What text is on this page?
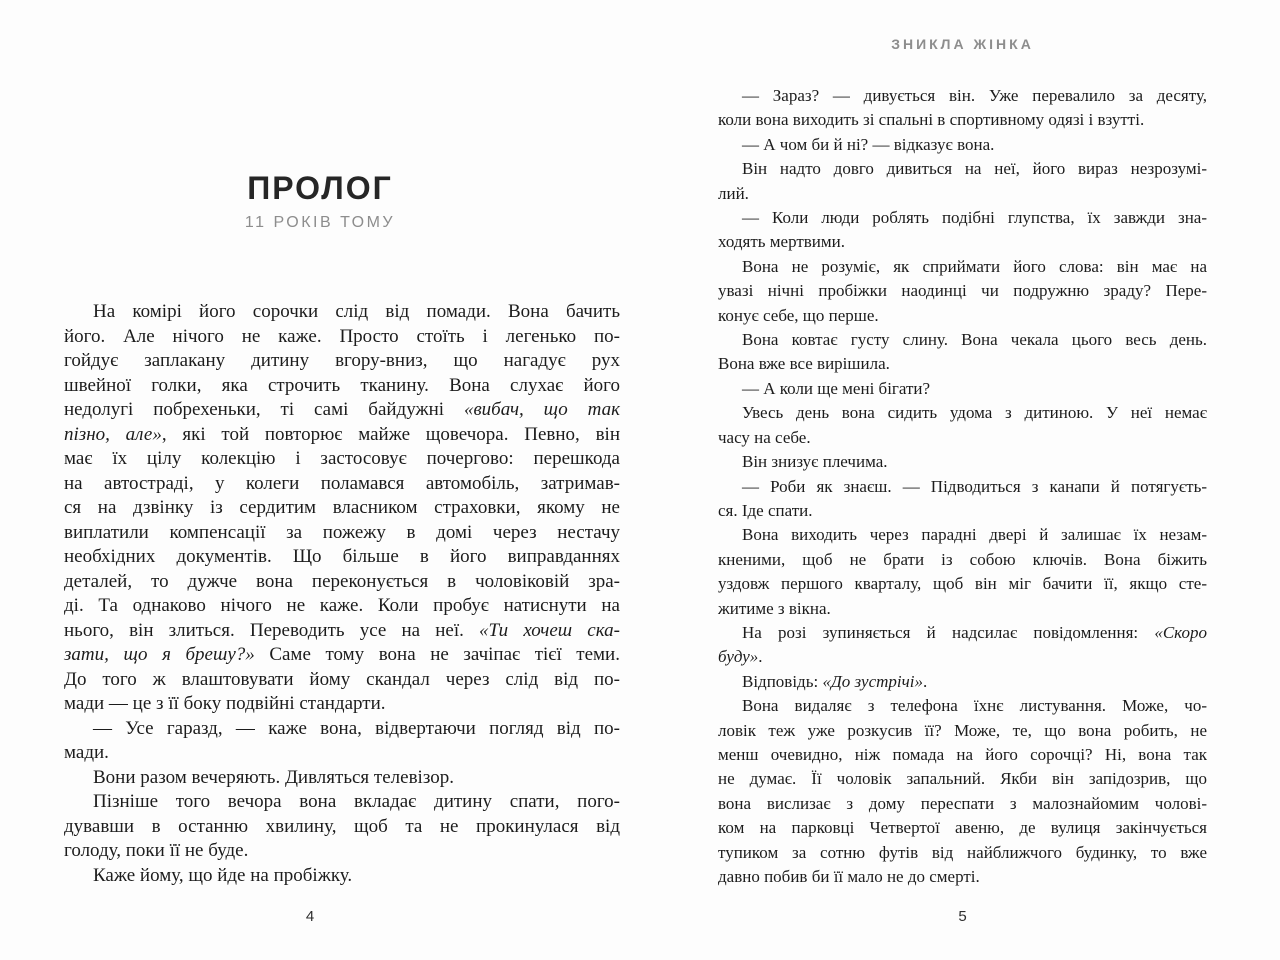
ПРОЛОГ
11 РОКІВ ТОМУ
На комірі його сорочки слід від помади. Вона бачить
його. Але нічого не каже. Просто стоїть і легенько по-
гойдує заплакану дитину вгору-вниз, що нагадує рух
швейної голки, яка строчить тканину. Вона слухає його
недолугі побрехеньки, ті самі байдужні «вибач, що так
пізно, але», які той повторює майже щовечора. Певно, він
має їх цілу колекцію і застосовує почергово: перешкода
на автостраді, у колеги поламався автомобіль, затримав-
ся на дзвінку із сердитим власником страховки, якому не
виплатили компенсації за пожежу в домі через нестачу
необхідних документів. Що більше в його виправданнях
деталей, то дужче вона переконується в чоловіковій зра-
ді. Та однаково нічого не каже. Коли пробує натиснути на
нього, він злиться. Переводить усе на неї. «Ти хочеш ска-
зати, що я брешу?» Саме тому вона не зачіпає тієї теми.
До того ж влаштовувати йому скандал через слід від по-
мади — це з її боку подвійні стандарти.
— Усе гаразд, — каже вона, відвертаючи погляд від по-
мади.
Вони разом вечеряють. Дивляться телевізор.
Пізніше того вечора вона вкладає дитину спати, пого-
дувавши в останню хвилину, щоб та не прокинулася від
голоду, поки її не буде.
Каже йому, що йде на пробіжку.
4
ЗНИКЛА ЖІНКА
— Зараз? — дивується він. Уже перевалило за десяту,
коли вона виходить зі спальні в спортивному одязі і взутті.
— А чом би й ні? — відказує вона.
Він надто довго дивиться на неї, його вираз незрозумі-
лий.
— Коли люди роблять подібні глупства, їх завжди зна-
ходять мертвими.
Вона не розуміє, як сприймати його слова: він має на
увазі нічні пробіжки наодинці чи подружню зраду? Пере-
конує себе, що перше.
Вона ковтає густу слину. Вона чекала цього весь день.
Вона вже все вирішила.
— А коли ще мені бігати?
Увесь день вона сидить удома з дитиною. У неї немає
часу на себе.
Він знизує плечима.
— Роби як знаєш. — Підводиться з канапи й потягуєть-
ся. Іде спати.
Вона виходить через парадні двері й залишає їх незам-
кненими, щоб не брати із собою ключів. Вона біжить
уздовж першого кварталу, щоб він міг бачити її, якщо сте-
житиме з вікна.
На розі зупиняється й надсилає повідомлення: «Скоро
буду».
Відповідь: «До зустрічі».
Вона видаляє з телефона їхнє листування. Може, чо-
ловік теж уже розкусив її? Може, те, що вона робить, не
менш очевидно, ніж помада на його сорочці? Ні, вона так
не думає. Її чоловік запальний. Якби він запідозрив, що
вона вислизає з дому переспати з малознайомим чолові-
ком на парковці Четвертої авеню, де вулиця закінчується
тупиком за сотню футів від найближчого будинку, то вже
давно побив би її мало не до смерті.
5
